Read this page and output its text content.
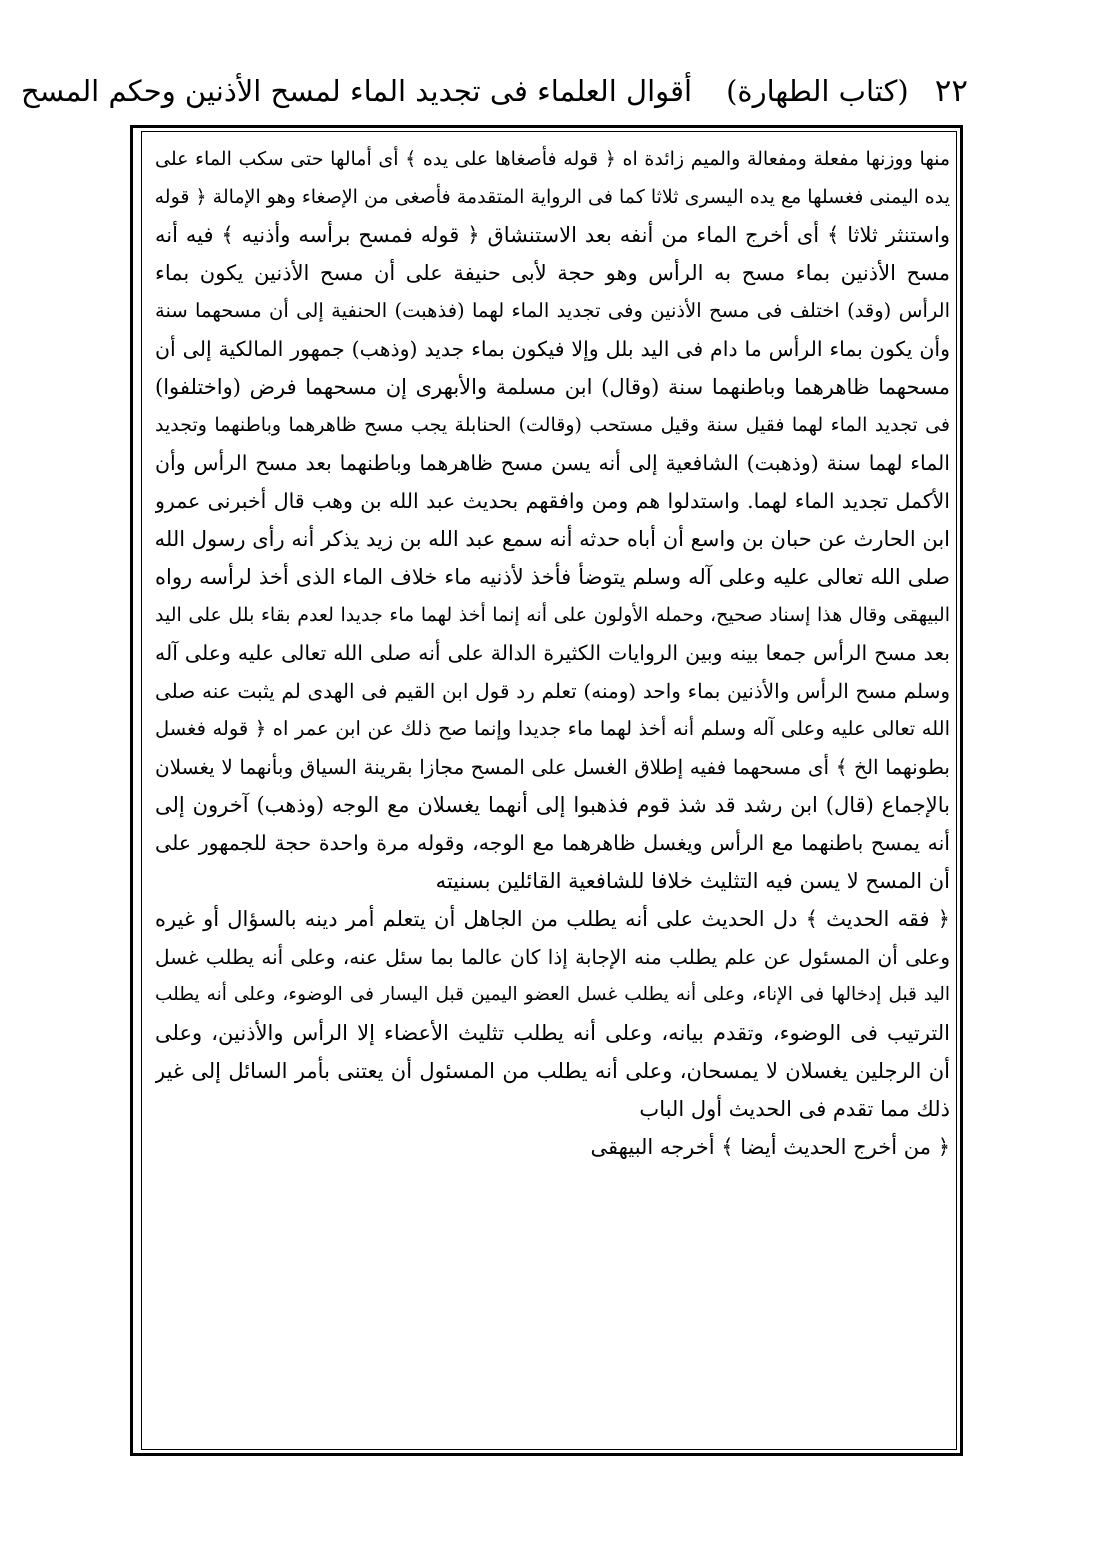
٢٢
(كتاب الطهارة)
أقوال العلماء فى تجديد الماء لمسح الأذنين وحكم المسح
منها ووزنها مفعلة ومفعالة والميم زائدة اه ﴿ قوله فأصغاها على يده ﴾ أى أمالها حتى سكب الماء على
يده اليمنى فغسلها مع يده اليسرى ثلاثا كما فى الرواية المتقدمة فأصغى من الإصغاء وهو الإمالة ﴿ قوله
واستنثر ثلاثا ﴾ أى أخرج الماء من أنفه بعد الاستنشاق ﴿ قوله فمسح برأسه وأذنيه ﴾ فيه أنه
مسح الأذنين بماء مسح به الرأس وهو حجة لأبى حنيفة على أن مسح الأذنين يكون بماء
الرأس (وقد) اختلف فى مسح الأذنين وفى تجديد الماء لهما (فذهبت) الحنفية إلى أن مسحهما سنة
وأن يكون بماء الرأس ما دام فى اليد بلل وإلا فيكون بماء جديد (وذهب) جمهور المالكية إلى أن
مسحهما ظاهرهما وباطنهما سنة (وقال) ابن مسلمة والأبهرى إن مسحهما فرض (واختلفوا)
فى تجديد الماء لهما فقيل سنة وقيل مستحب (وقالت) الحنابلة يجب مسح ظاهرهما وباطنهما وتجديد
الماء لهما سنة (وذهبت) الشافعية إلى أنه يسن مسح ظاهرهما وباطنهما بعد مسح الرأس وأن
الأكمل تجديد الماء لهما. واستدلوا هم ومن وافقهم بحديث عبد الله بن وهب قال أخبرنى عمرو
ابن الحارث عن حبان بن واسع أن أباه حدثه أنه سمع عبد الله بن زيد يذكر أنه رأى رسول الله
صلى الله تعالى عليه وعلى آله وسلم يتوضأ فأخذ لأذنيه ماء خلاف الماء الذى أخذ لرأسه رواه
البيهقى وقال هذا إسناد صحيح، وحمله الأولون على أنه إنما أخذ لهما ماء جديدا لعدم بقاء بلل على اليد
بعد مسح الرأس جمعا بينه وبين الروايات الكثيرة الدالة على أنه صلى الله تعالى عليه وعلى آله
وسلم مسح الرأس والأذنين بماء واحد (ومنه) تعلم رد قول ابن القيم فى الهدى لم يثبت عنه صلى
الله تعالى عليه وعلى آله وسلم أنه أخذ لهما ماء جديدا وإنما صح ذلك عن ابن عمر اه ﴿ قوله فغسل
بطونهما الخ ﴾ أى مسحهما ففيه إطلاق الغسل على المسح مجازا بقرينة السياق وبأنهما لا يغسلان
بالإجماع (قال) ابن رشد قد شذ قوم فذهبوا إلى أنهما يغسلان مع الوجه (وذهب) آخرون إلى
أنه يمسح باطنهما مع الرأس ويغسل ظاهرهما مع الوجه، وقوله مرة واحدة حجة للجمهور على
أن المسح لا يسن فيه التثليث خلافا للشافعية القائلين بسنيته
﴿ فقه الحديث ﴾ دل الحديث على أنه يطلب من الجاهل أن يتعلم أمر دينه بالسؤال أو غيره
وعلى أن المسئول عن علم يطلب منه الإجابة إذا كان عالما بما سئل عنه، وعلى أنه يطلب غسل
اليد قبل إدخالها فى الإناء، وعلى أنه يطلب غسل العضو اليمين قبل اليسار فى الوضوء، وعلى أنه يطلب
الترتيب فى الوضوء، وتقدم بيانه، وعلى أنه يطلب تثليث الأعضاء إلا الرأس والأذنين، وعلى
أن الرجلين يغسلان لا يمسحان، وعلى أنه يطلب من المسئول أن يعتنى بأمر السائل إلى غير
ذلك مما تقدم فى الحديث أول الباب
﴿ من أخرج الحديث أيضا ﴾ أخرجه البيهقى
